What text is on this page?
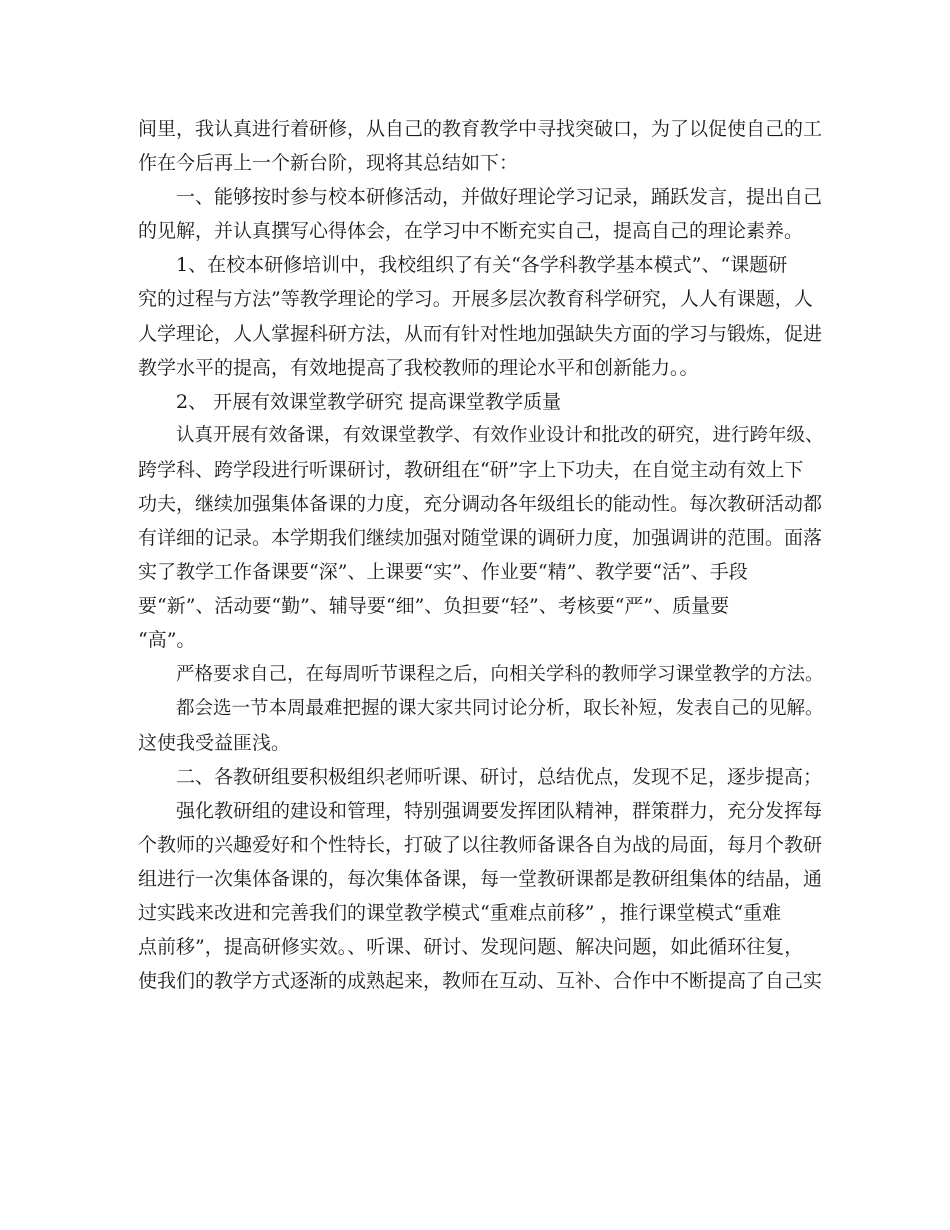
间里，我认真进行着研修，从自己的教育教学中寻找突破口，为了以促使自己的工
作在今后再上一个新台阶，现将其总结如下：
一、能够按时参与校本研修活动，并做好理论学习记录，踊跃发言，提出自己
的见解，并认真撰写心得体会，在学习中不断充实自己，提高自己的理论素养。
1、在校本研修培训中，我校组织了有关“各学科教学基本模式”、“课题研
究的过程与方法”等教学理论的学习。开展多层次教育科学研究，人人有课题，人
人学理论，人人掌握科研方法，从而有针对性地加强缺失方面的学习与锻炼，促进
教学水平的提高，有效地提高了我校教师的理论水平和创新能力。。
2、 开展有效课堂教学研究 提高课堂教学质量
认真开展有效备课，有效课堂教学、有效作业设计和批改的研究，进行跨年级、
跨学科、跨学段进行听课研讨，教研组在“研”字上下功夫，在自觉主动有效上下
功夫，继续加强集体备课的力度，充分调动各年级组长的能动性。每次教研活动都
有详细的记录。本学期我们继续加强对随堂课的调研力度，加强调讲的范围。面落
实了教学工作备课要“深”、上课要“实”、作业要“精”、教学要“活”、手段
要“新”、活动要“勤”、辅导要“细”、负担要“轻”、考核要“严”、质量要
“高”。
严格要求自己，在每周听节课程之后，向相关学科的教师学习课堂教学的方法。
都会选一节本周最难把握的课大家共同讨论分析，取长补短，发表自己的见解。
这使我受益匪浅。
二、各教研组要积极组织老师听课、研讨，总结优点，发现不足，逐步提高；
强化教研组的建设和管理，特别强调要发挥团队精神，群策群力，充分发挥每
个教师的兴趣爱好和个性特长，打破了以往教师备课各自为战的局面，每月个教研
组进行一次集体备课的，每次集体备课，每一堂教研课都是教研组集体的结晶，通
过实践来改进和完善我们的课堂教学模式“重难点前移” ，推行课堂模式“重难
点前移”，提高研修实效。、听课、研讨、发现问题、解决问题，如此循环往复，
使我们的教学方式逐渐的成熟起来，教师在互动、互补、合作中不断提高了自己实
